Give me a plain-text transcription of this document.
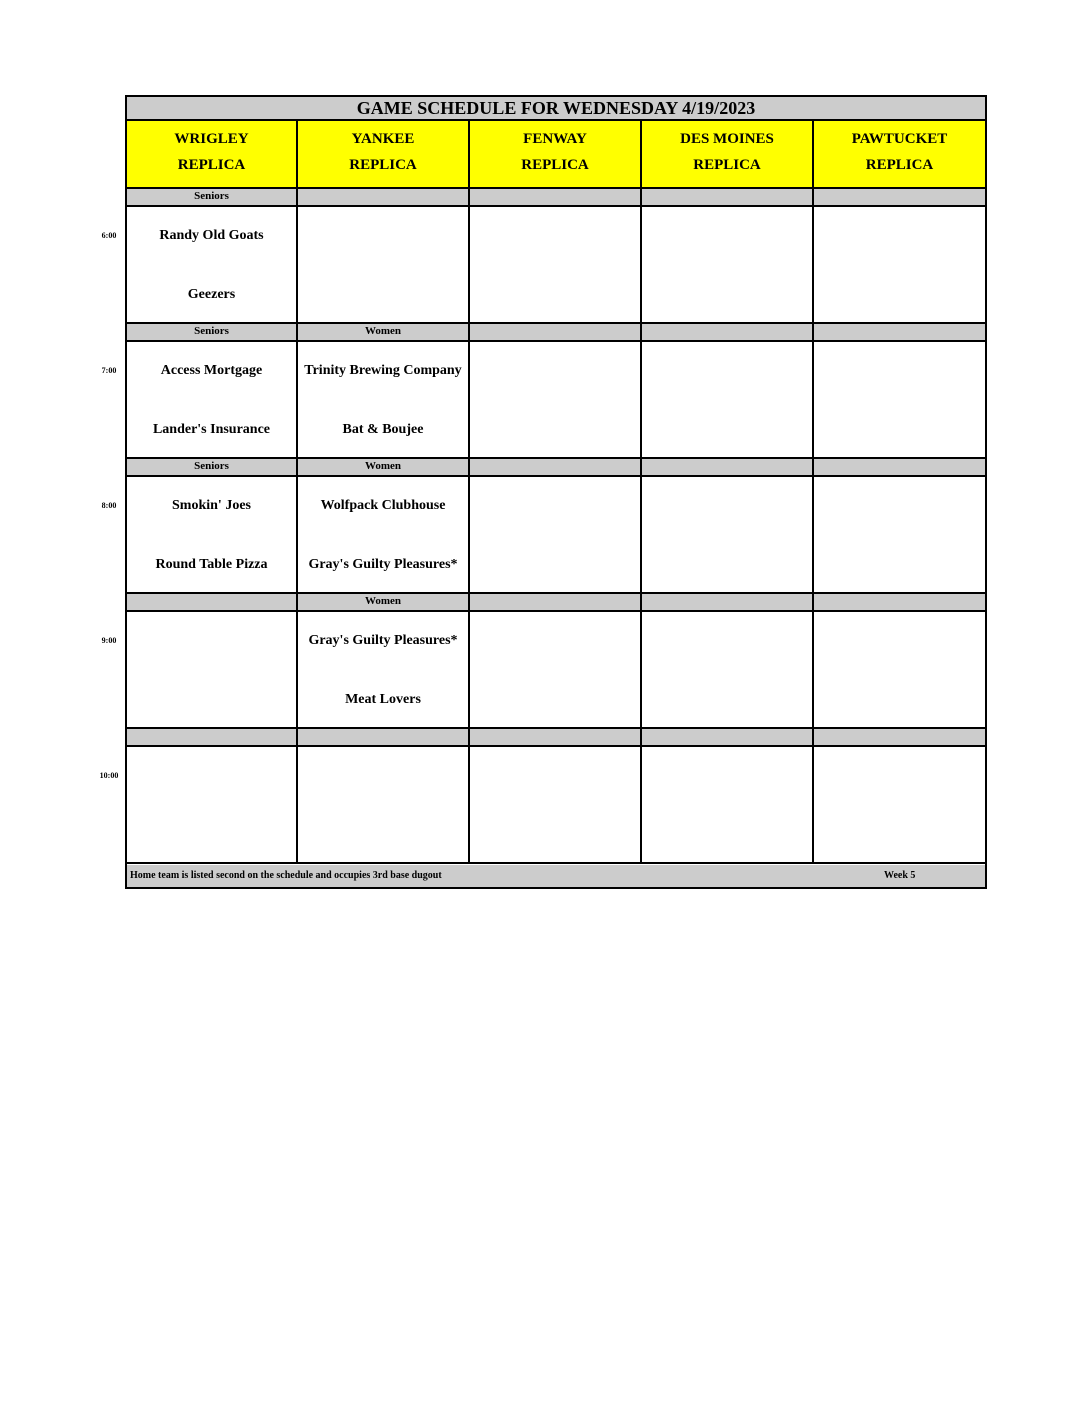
6:00
7:00
8:00
9:00
10:00
GAME SCHEDULE FOR WEDNESDAY 4/19/2023
WRIGLEY
REPLICA
YANKEE
REPLICA
FENWAY
REPLICA
DES MOINES
REPLICA
PAWTUCKET
REPLICA
Seniors
Randy Old Goats
Geezers
Seniors
Access Mortgage
Lander's Insurance
Women
Trinity Brewing Company
Bat & Boujee
Seniors
Smokin' Joes
Round Table Pizza
Women
Wolfpack Clubhouse
Gray's Guilty Pleasures*
Women
Gray's Guilty Pleasures*
Meat Lovers
Home team is listed second on the schedule and occupies 3rd base dugout	Week 5
